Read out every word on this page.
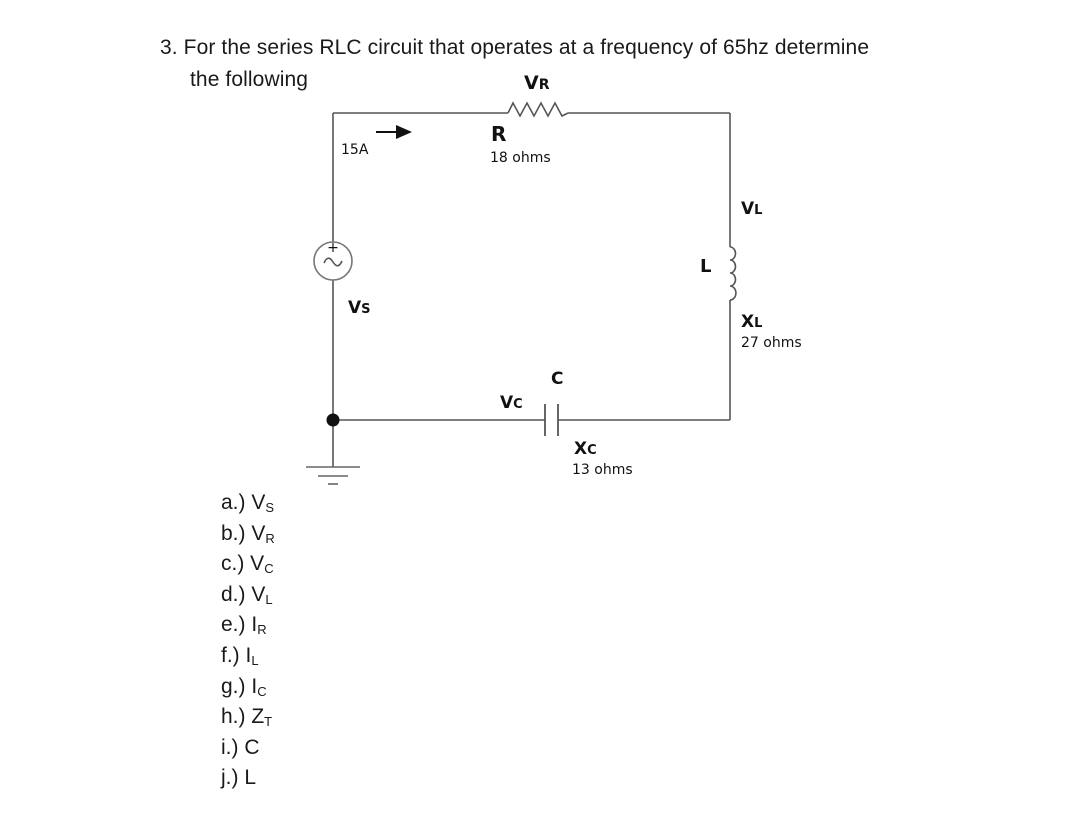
3. For the series RLC circuit that operates at a frequency of 65hz determine
the following
+
VR
R
18 ohms
15A
VL
L
XL
27 ohms
VS
C
VC
XC
13 ohms
a.) $V_S$
b.) $V_R$
c.) $V_C$
d.) $V_L$
e.) $I_R$
f.) $I_L$
g.) $I_C$
h.) $Z_T$
i.) C
j.) L
